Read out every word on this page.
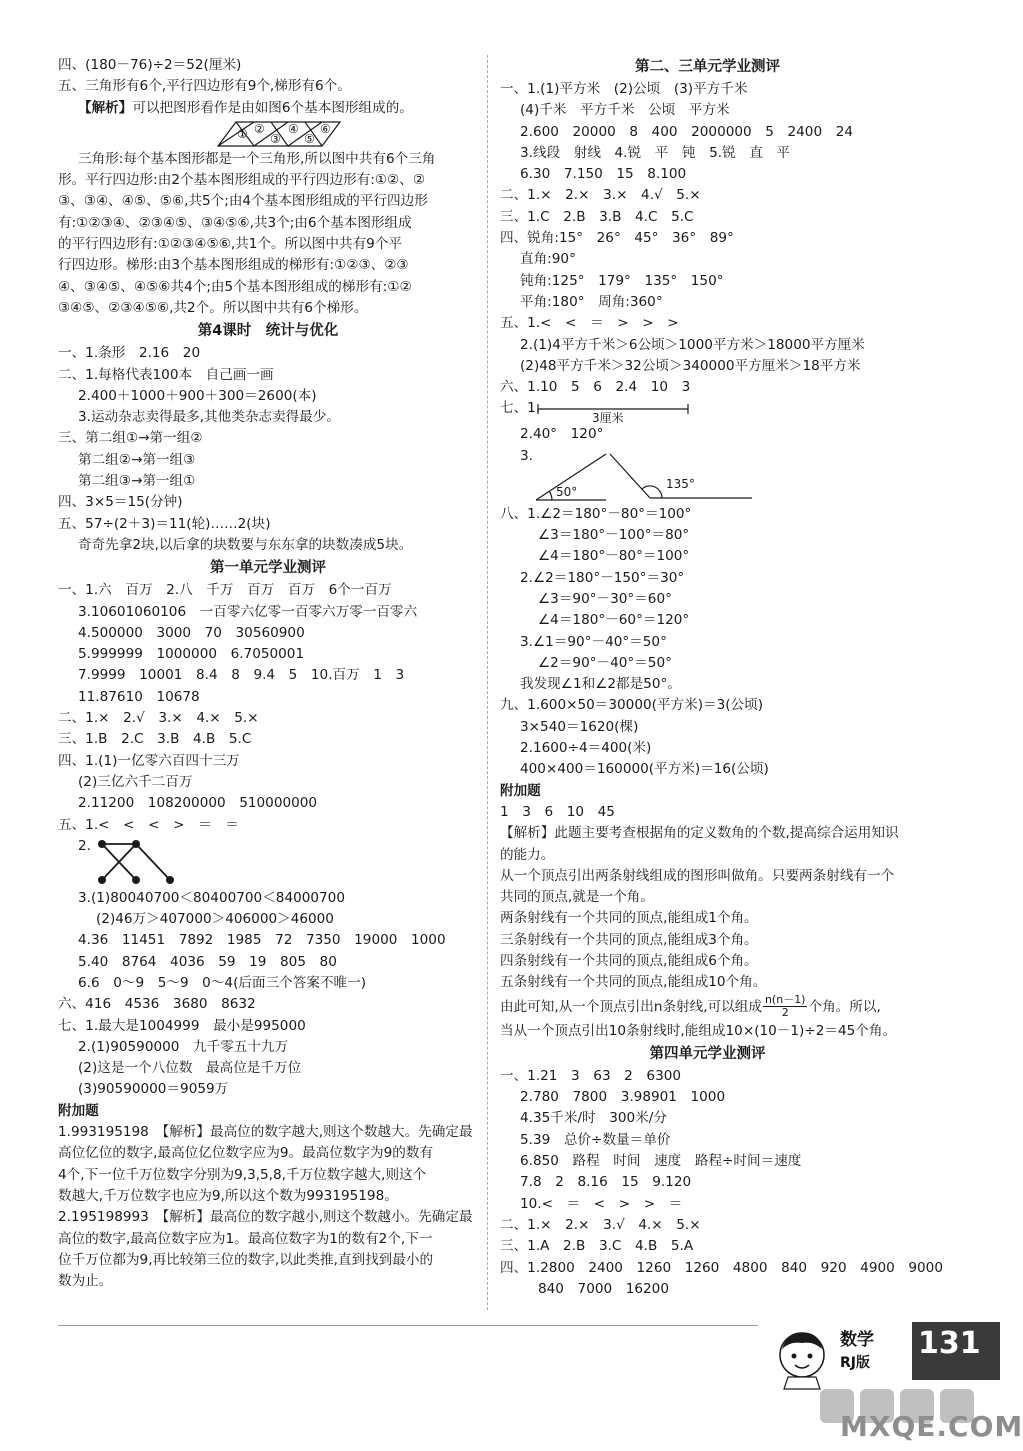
四、(180－76)÷2＝52(厘米)
五、三角形有6个,平行四边形有9个,梯形有6个。
【解析】可以把图形看作是由如图6个基本图形组成的。
① ②
③
④
⑤
⑥
三角形:每个基本图形都是一个三角形,所以图中共有6个三角
形。平行四边形:由2个基本图形组成的平行四边形有:①②、②
③、③④、④⑤、⑤⑥,共5个;由4个基本图形组成的平行四边形
有:①②③④、②③④⑤、③④⑤⑥,共3个;由6个基本图形组成
的平行四边形有:①②③④⑤⑥,共1个。所以图中共有9个平
行四边形。梯形:由3个基本图形组成的梯形有:①②③、②③
④、③④⑤、④⑤⑥共4个;由5个基本图形组成的梯形有:①②
③④⑤、②③④⑤⑥,共2个。所以图中共有6个梯形。
第4课时　统计与优化
一、1.条形　2.16　20
二、1.每格代表100本　自己画一画
2.400＋1000＋900＋300＝2600(本)
3.运动杂志卖得最多,其他类杂志卖得最少。
三、第二组①→第一组②
第二组②→第一组③
第二组③→第一组①
四、3×5＝15(分钟)
五、57÷(2＋3)＝11(轮)……2(块)
奇奇先拿2块,以后拿的块数要与东东拿的块数凑成5块。
第一单元学业测评
一、1.六　百万　2.八　千万　百万　百万　6个一百万
3.10601060106　一百零六亿零一百零六万零一百零六
4.500000　3000　70　30560900
5.999999　1000000　6.7050001
7.9999　10001　8.4　8　9.4　5　10.百万　1　3
11.87610　10678
二、1.×　2.√　3.×　4.×　5.×
三、1.B　2.C　3.B　4.B　5.C
四、1.(1)一亿零六百四十三万
(2)三亿六千二百万
2.11200　108200000　510000000
五、1.<　<　<　>　＝　＝
2.
3.(1)80040700＜80400700＜84000700
(2)46万＞407000＞406000＞46000
4.36　11451　7892　1985　72　7350　19000　1000
5.40　8764　4036　59　19　805　80
6.6　0～9　5～9　0～4(后面三个答案不唯一)
六、416　4536　3680　8632
七、1.最大是1004999　最小是995000
2.(1)90590000　九千零五十九万
(2)这是一个八位数　最高位是千万位
(3)90590000＝9059万
附加题
1.993195198　【解析】最高位的数字越大,则这个数越大。先确定最
高位亿位的数字,最高位亿位数字应为9。最高位数字为9的数有
4个,下一位千万位数字分别为9,3,5,8,千万位数字越大,则这个
数越大,千万位数字也应为9,所以这个数为993195198。
2.195198993　【解析】最高位的数字越小,则这个数越小。先确定最
高位的数字,最高位数字应为1。最高位数字为1的数有2个,下一
位千万位都为9,再比较第三位的数字,以此类推,直到找到最小的
数为止。
第二、三单元学业测评
一、1.(1)平方米　(2)公顷　(3)平方千米
(4)千米　平方千米　公顷　平方米
2.600　20000　8　400　2000000　5　2400　24
3.线段　射线　4.锐　平　钝　5.锐　直　平
6.30　7.150　15　8.100
二、1.×　2.×　3.×　4.√　5.×
三、1.C　2.B　3.B　4.C　5.C
四、锐角:15°　26°　45°　36°　89°
直角:90°
钝角:125°　179°　135°　150°
平角:180°　周角:360°
五、1.<　<　＝　>　>　>
2.(1)4平方千米＞6公顷＞1000平方米＞18000平方厘米
(2)48平方千米＞32公顷＞340000平方厘米＞18平方米
六、1.10　5　6　2.4　10　3
七、1.
3厘米
2.40°　120°
3.
50°
135°
八、1.∠2＝180°－80°＝100°
∠3＝180°－100°＝80°
∠4＝180°－80°＝100°
2.∠2＝180°－150°＝30°
∠3＝90°－30°＝60°
∠4＝180°－60°＝120°
3.∠1＝90°－40°＝50°
∠2＝90°－40°＝50°
我发现∠1和∠2都是50°。
九、1.600×50＝30000(平方米)＝3(公顷)
3×540＝1620(棵)
2.1600÷4＝400(米)
400×400＝160000(平方米)＝16(公顷)
附加题
1　3　6　10　45
【解析】此题主要考查根据角的定义数角的个数,提高综合运用知识
的能力。
从一个顶点引出两条射线组成的图形叫做角。只要两条射线有一个
共同的顶点,就是一个角。
两条射线有一个共同的顶点,能组成1个角。
三条射线有一个共同的顶点,能组成3个角。
四条射线有一个共同的顶点,能组成6个角。
五条射线有一个共同的顶点,能组成10个角。
由此可知,从一个顶点引出n条射线,可以组成 $\frac{n(n-1)}{2}$ 个角。所以,
当从一个顶点引出10条射线时,能组成10×(10－1)÷2＝45个角。
第四单元学业测评
一、1.21　3　63　2　6300
2.780　7800　3.98901　1000
4.35千米/时　300米/分
5.39　总价÷数量＝单价
6.850　路程　时间　速度　路程÷时间＝速度
7.8　2　8.16　15　9.120
10.<　＝　<　>　>　＝
二、1.×　2.×　3.√　4.×　5.×
三、1.A　2.B　3.C　4.B　5.A
四、1.2800　2400　1260　1260　4800　840　920　4900　9000
840　7000　16200
数学
RJ版
131
MXQE.COM
